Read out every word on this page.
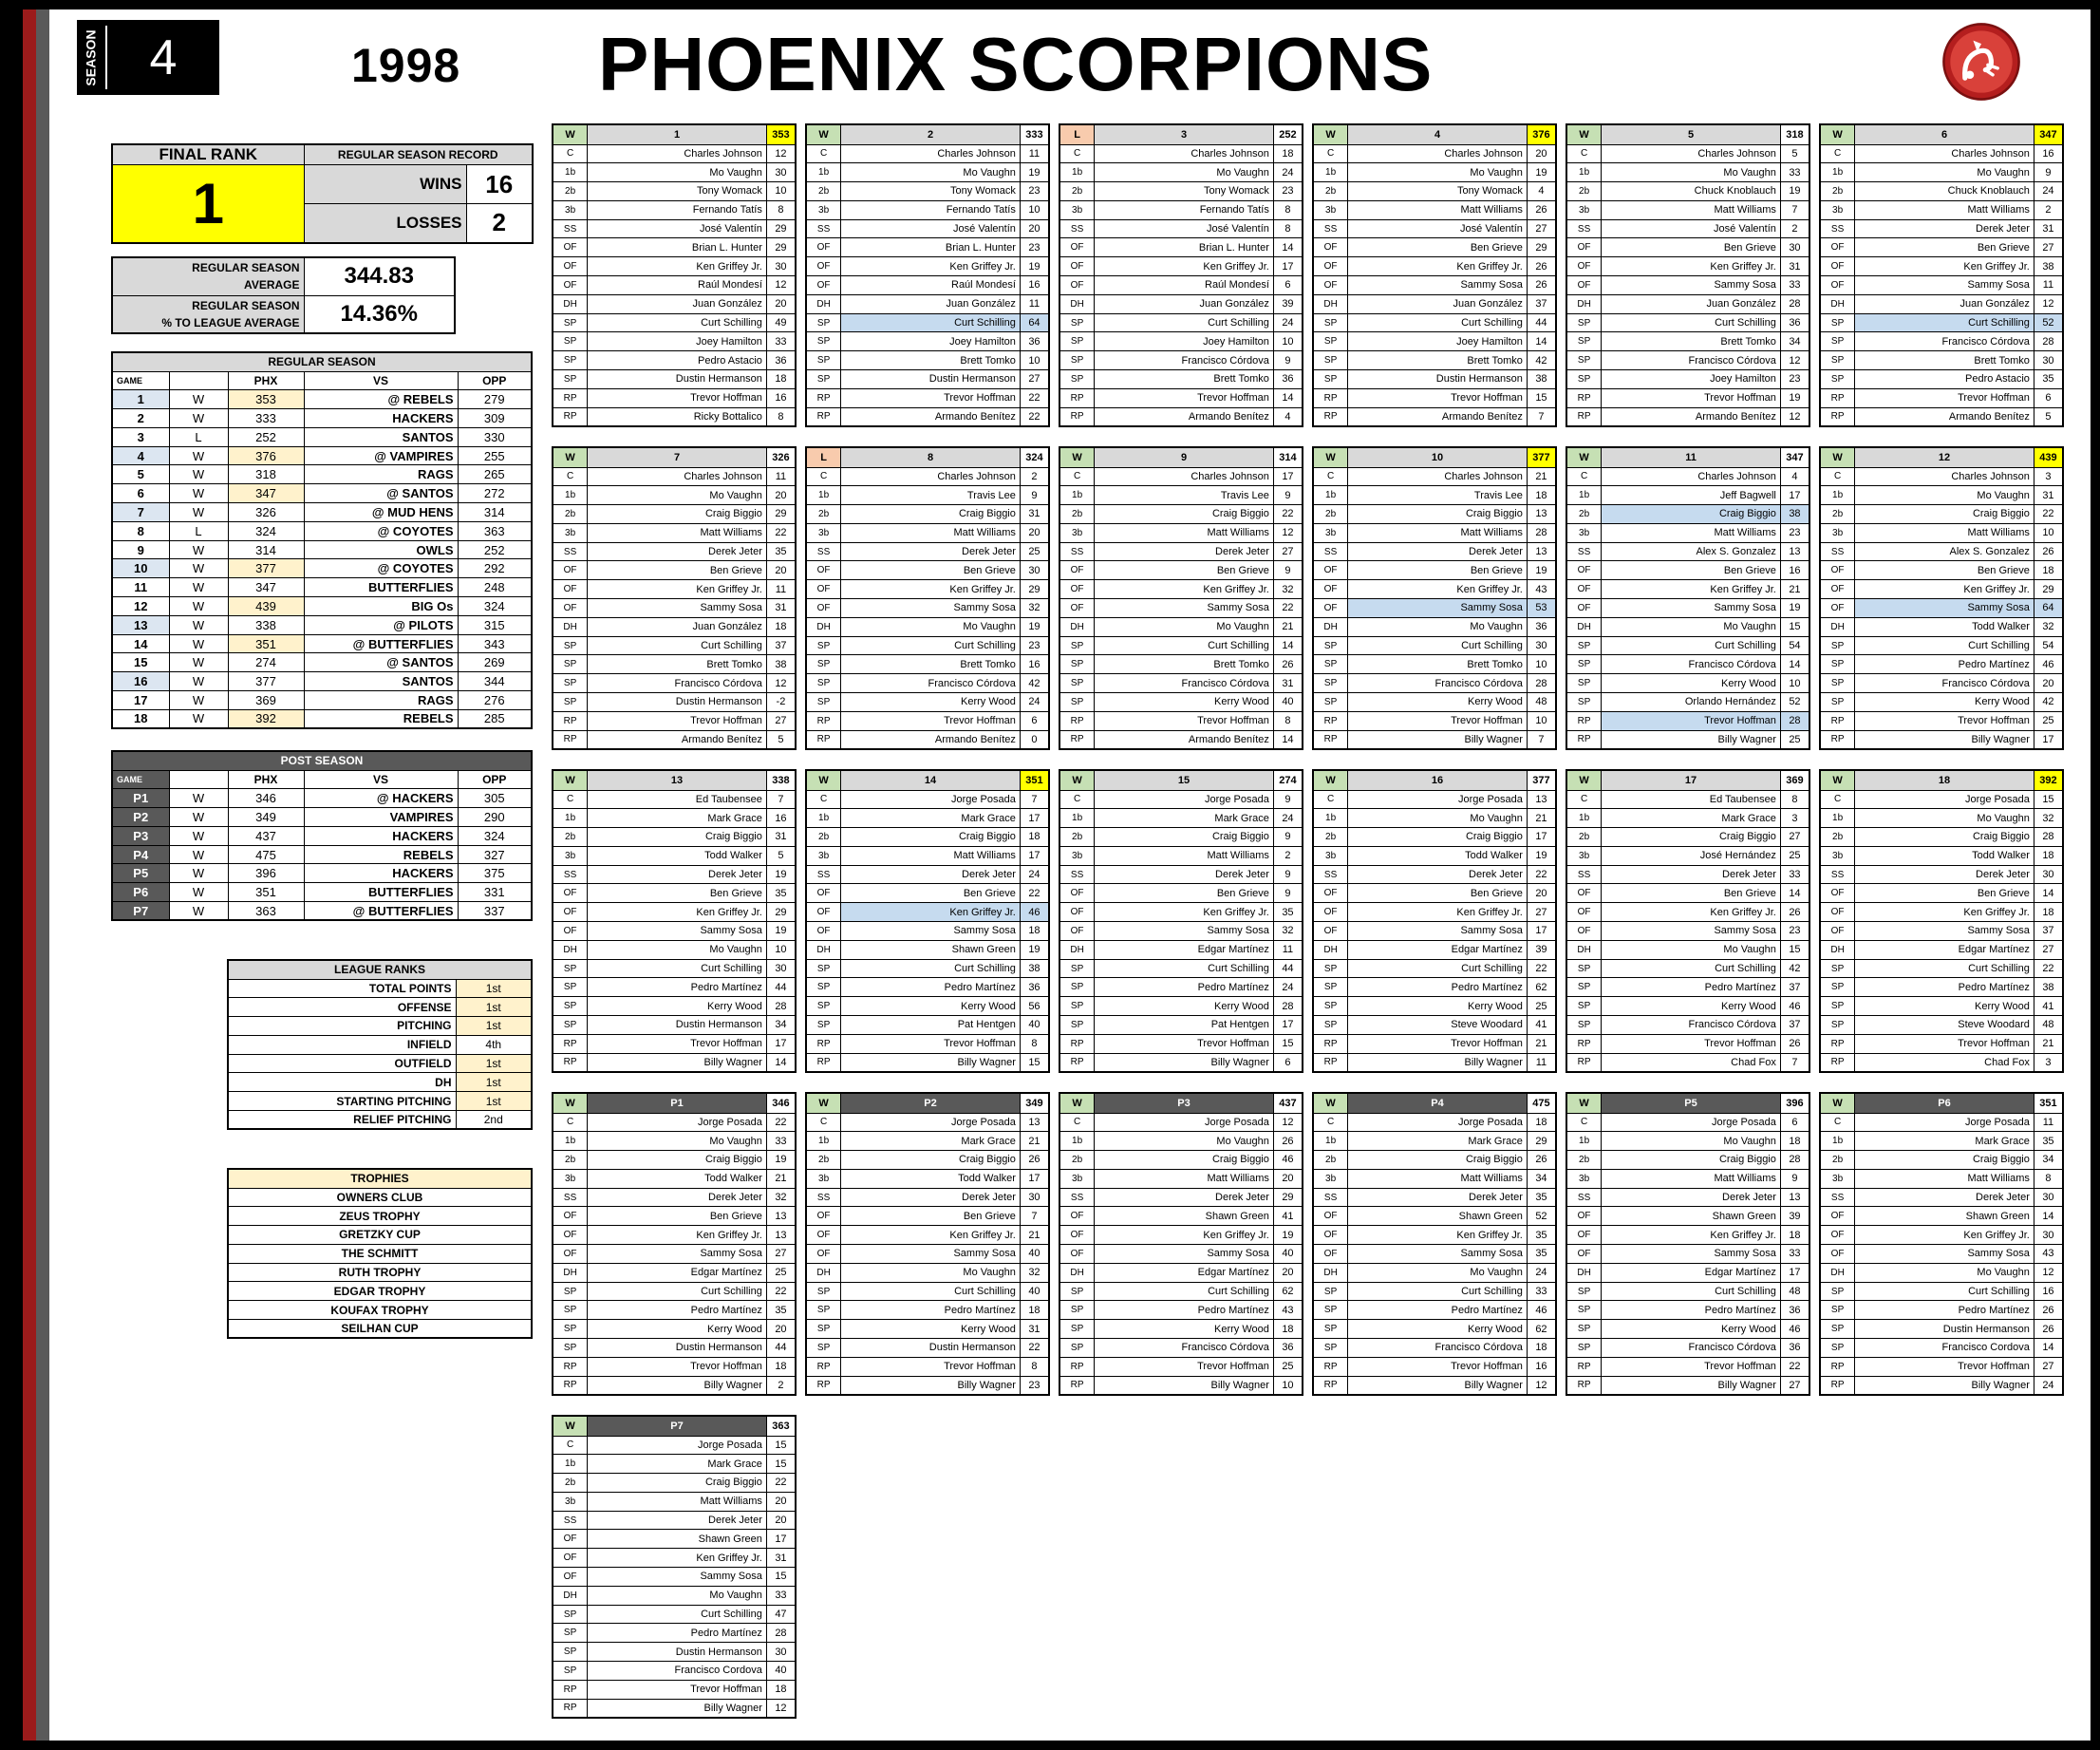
SEASON	4	1998 PHOENIX SCORPIONS
FINAL RANK	REGULAR SEASON RECORD	
1	WINS	16
	LOSSES	2
REGULAR SEASON
AVERAGE	344.83
REGULAR SEASON
% TO LEAGUE AVERAGE	14.36%
REGULAR SEASON				
GAME		PHX	VS	OPP
1	W	353	@ REBELS	279
2	W	333	HACKERS	309
3	L	252	SANTOS	330
4	W	376	@ VAMPIRES	255
5	W	318	RAGS	265
6	W	347	@ SANTOS	272
7	W	326	@ MUD HENS	314
8	L	324	@ COYOTES	363
9	W	314	OWLS	252
10	W	377	@ COYOTES	292
11	W	347	BUTTERFLIES	248
12	W	439	BIG Os	324
13	W	338	@ PILOTS	315
14	W	351	@ BUTTERFLIES	343
15	W	274	@ SANTOS	269
16	W	377	SANTOS	344
17	W	369	RAGS	276
18	W	392	REBELS	285
POST SEASON				
GAME		PHX	VS	OPP
P1	W	346	@ HACKERS	305
P2	W	349	VAMPIRES	290
P3	W	437	HACKERS	324
P4	W	475	REBELS	327
P5	W	396	HACKERS	375
P6	W	351	BUTTERFLIES	331
P7	W	363	@ BUTTERFLIES	337
LEAGUE RANKS	
TOTAL POINTS	1st
OFFENSE	1st
PITCHING	1st
INFIELD	4th
OUTFIELD	1st
DH	1st
STARTING PITCHING	1st
RELIEF PITCHING	2nd
TROPHIES
OWNERS CLUB
ZEUS TROPHY
GRETZKY CUP
THE SCHMITT
RUTH TROPHY
EDGAR TROPHY
KOUFAX TROPHY
SEILHAN CUP
W	1	353
C	Charles Johnson	12
1b	Mo Vaughn	30
2b	Tony Womack	10
3b	Fernando Tatís	8
SS	José Valentín	29
OF	Brian L. Hunter	29
OF	Ken Griffey Jr.	30
OF	Raúl Mondesí	12
DH	Juan González	20
SP	Curt Schilling	49
SP	Joey Hamilton	33
SP	Pedro Astacio	36
SP	Dustin Hermanson	18
RP	Trevor Hoffman	16
RP	Ricky Bottalico	8
W	2	333
C	Charles Johnson	11
1b	Mo Vaughn	19
2b	Tony Womack	23
3b	Fernando Tatís	10
SS	José Valentín	20
OF	Brian L. Hunter	23
OF	Ken Griffey Jr.	19
OF	Raúl Mondesí	16
DH	Juan González	11
SP	Curt Schilling	64
SP	Joey Hamilton	36
SP	Brett Tomko	10
SP	Dustin Hermanson	27
RP	Trevor Hoffman	22
RP	Armando Benítez	22
L	3	252
C	Charles Johnson	18
1b	Mo Vaughn	24
2b	Tony Womack	23
3b	Fernando Tatís	8
SS	José Valentín	8
OF	Brian L. Hunter	14
OF	Ken Griffey Jr.	17
OF	Raúl Mondesí	6
DH	Juan González	39
SP	Curt Schilling	24
SP	Joey Hamilton	10
SP	Francisco Córdova	9
SP	Brett Tomko	36
RP	Trevor Hoffman	14
RP	Armando Benítez	4
W	4	376
C	Charles Johnson	20
1b	Mo Vaughn	19
2b	Tony Womack	4
3b	Matt Williams	26
SS	José Valentín	27
OF	Ben Grieve	29
OF	Ken Griffey Jr.	26
OF	Sammy Sosa	26
DH	Juan González	37
SP	Curt Schilling	44
SP	Joey Hamilton	14
SP	Brett Tomko	42
SP	Dustin Hermanson	38
RP	Trevor Hoffman	15
RP	Armando Benítez	7
W	5	318
C	Charles Johnson	5
1b	Mo Vaughn	33
2b	Chuck Knoblauch	19
3b	Matt Williams	7
SS	José Valentín	2
OF	Ben Grieve	30
OF	Ken Griffey Jr.	31
OF	Sammy Sosa	33
DH	Juan González	28
SP	Curt Schilling	36
SP	Brett Tomko	34
SP	Francisco Córdova	12
SP	Joey Hamilton	23
RP	Trevor Hoffman	19
RP	Armando Benítez	12
W	6	347
C	Charles Johnson	16
1b	Mo Vaughn	9
2b	Chuck Knoblauch	24
3b	Matt Williams	2
SS	Derek Jeter	31
OF	Ben Grieve	27
OF	Ken Griffey Jr.	38
OF	Sammy Sosa	11
DH	Juan González	12
SP	Curt Schilling	52
SP	Francisco Córdova	28
SP	Brett Tomko	30
SP	Pedro Astacio	35
RP	Trevor Hoffman	6
RP	Armando Benítez	5
W	7	326
C	Charles Johnson	11
1b	Mo Vaughn	20
2b	Craig Biggio	29
3b	Matt Williams	22
SS	Derek Jeter	35
OF	Ben Grieve	20
OF	Ken Griffey Jr.	11
OF	Sammy Sosa	31
DH	Juan González	18
SP	Curt Schilling	37
SP	Brett Tomko	38
SP	Francisco Córdova	12
SP	Dustin Hermanson	-2
RP	Trevor Hoffman	27
RP	Armando Benítez	5
L	8	324
C	Charles Johnson	2
1b	Travis Lee	9
2b	Craig Biggio	31
3b	Matt Williams	20
SS	Derek Jeter	25
OF	Ben Grieve	30
OF	Ken Griffey Jr.	29
OF	Sammy Sosa	32
DH	Mo Vaughn	19
SP	Curt Schilling	23
SP	Brett Tomko	16
SP	Francisco Córdova	42
SP	Kerry Wood	24
RP	Trevor Hoffman	6
RP	Armando Benítez	0
W	9	314
C	Charles Johnson	17
1b	Travis Lee	9
2b	Craig Biggio	22
3b	Matt Williams	12
SS	Derek Jeter	27
OF	Ben Grieve	9
OF	Ken Griffey Jr.	32
OF	Sammy Sosa	22
DH	Mo Vaughn	21
SP	Curt Schilling	14
SP	Brett Tomko	26
SP	Francisco Córdova	31
SP	Kerry Wood	40
RP	Trevor Hoffman	8
RP	Armando Benítez	14
W	10	377
C	Charles Johnson	21
1b	Travis Lee	18
2b	Craig Biggio	13
3b	Matt Williams	28
SS	Derek Jeter	13
OF	Ben Grieve	19
OF	Ken Griffey Jr.	43
OF	Sammy Sosa	53
DH	Mo Vaughn	36
SP	Curt Schilling	30
SP	Brett Tomko	10
SP	Francisco Córdova	28
SP	Kerry Wood	48
RP	Trevor Hoffman	10
RP	Billy Wagner	7
W	11	347
C	Charles Johnson	4
1b	Jeff Bagwell	17
2b	Craig Biggio	38
3b	Matt Williams	23
SS	Alex S. Gonzalez	13
OF	Ben Grieve	16
OF	Ken Griffey Jr.	21
OF	Sammy Sosa	19
DH	Mo Vaughn	15
SP	Curt Schilling	54
SP	Francisco Córdova	14
SP	Kerry Wood	10
SP	Orlando Hernández	52
RP	Trevor Hoffman	28
RP	Billy Wagner	25
W	12	439
C	Charles Johnson	3
1b	Mo Vaughn	31
2b	Craig Biggio	22
3b	Matt Williams	10
SS	Alex S. Gonzalez	26
OF	Ben Grieve	18
OF	Ken Griffey Jr.	29
OF	Sammy Sosa	64
DH	Todd Walker	32
SP	Curt Schilling	54
SP	Pedro Martínez	46
SP	Francisco Córdova	20
SP	Kerry Wood	42
RP	Trevor Hoffman	25
RP	Billy Wagner	17
W	13	338
C	Ed Taubensee	7
1b	Mark Grace	16
2b	Craig Biggio	31
3b	Todd Walker	5
SS	Derek Jeter	19
OF	Ben Grieve	35
OF	Ken Griffey Jr.	29
OF	Sammy Sosa	19
DH	Mo Vaughn	10
SP	Curt Schilling	30
SP	Pedro Martínez	44
SP	Kerry Wood	28
SP	Dustin Hermanson	34
RP	Trevor Hoffman	17
RP	Billy Wagner	14
W	14	351
C	Jorge Posada	7
1b	Mark Grace	17
2b	Craig Biggio	18
3b	Matt Williams	17
SS	Derek Jeter	24
OF	Ben Grieve	22
OF	Ken Griffey Jr.	46
OF	Sammy Sosa	18
DH	Shawn Green	19
SP	Curt Schilling	38
SP	Pedro Martínez	36
SP	Kerry Wood	56
SP	Pat Hentgen	40
RP	Trevor Hoffman	8
RP	Billy Wagner	15
W	15	274
C	Jorge Posada	9
1b	Mark Grace	24
2b	Craig Biggio	9
3b	Matt Williams	2
SS	Derek Jeter	9
OF	Ben Grieve	9
OF	Ken Griffey Jr.	35
OF	Sammy Sosa	32
DH	Edgar Martínez	11
SP	Curt Schilling	44
SP	Pedro Martínez	24
SP	Kerry Wood	28
SP	Pat Hentgen	17
RP	Trevor Hoffman	15
RP	Billy Wagner	6
W	16	377
C	Jorge Posada	13
1b	Mo Vaughn	21
2b	Craig Biggio	17
3b	Todd Walker	19
SS	Derek Jeter	22
OF	Ben Grieve	20
OF	Ken Griffey Jr.	27
OF	Sammy Sosa	17
DH	Edgar Martínez	39
SP	Curt Schilling	22
SP	Pedro Martínez	62
SP	Kerry Wood	25
SP	Steve Woodard	41
RP	Trevor Hoffman	21
RP	Billy Wagner	11
W	17	369
C	Ed Taubensee	8
1b	Mark Grace	3
2b	Craig Biggio	27
3b	José Hernández	25
SS	Derek Jeter	33
OF	Ben Grieve	14
OF	Ken Griffey Jr.	26
OF	Sammy Sosa	23
DH	Mo Vaughn	15
SP	Curt Schilling	42
SP	Pedro Martínez	37
SP	Kerry Wood	46
SP	Francisco Córdova	37
RP	Trevor Hoffman	26
RP	Chad Fox	7
W	18	392
C	Jorge Posada	15
1b	Mo Vaughn	32
2b	Craig Biggio	28
3b	Todd Walker	18
SS	Derek Jeter	30
OF	Ben Grieve	14
OF	Ken Griffey Jr.	18
OF	Sammy Sosa	37
DH	Edgar Martínez	27
SP	Curt Schilling	22
SP	Pedro Martínez	38
SP	Kerry Wood	41
SP	Steve Woodard	48
RP	Trevor Hoffman	21
RP	Chad Fox	3
W	P1	346
C	Jorge Posada	22
1b	Mo Vaughn	33
2b	Craig Biggio	19
3b	Todd Walker	21
SS	Derek Jeter	32
OF	Ben Grieve	13
OF	Ken Griffey Jr.	13
OF	Sammy Sosa	27
DH	Edgar Martínez	25
SP	Curt Schilling	22
SP	Pedro Martínez	35
SP	Kerry Wood	20
SP	Dustin Hermanson	44
RP	Trevor Hoffman	18
RP	Billy Wagner	2
W	P2	349
C	Jorge Posada	13
1b	Mark Grace	21
2b	Craig Biggio	26
3b	Todd Walker	17
SS	Derek Jeter	30
OF	Ben Grieve	7
OF	Ken Griffey Jr.	21
OF	Sammy Sosa	40
DH	Mo Vaughn	32
SP	Curt Schilling	40
SP	Pedro Martínez	18
SP	Kerry Wood	31
SP	Dustin Hermanson	22
RP	Trevor Hoffman	8
RP	Billy Wagner	23
W	P3	437
C	Jorge Posada	12
1b	Mo Vaughn	26
2b	Craig Biggio	46
3b	Matt Williams	20
SS	Derek Jeter	29
OF	Shawn Green	41
OF	Ken Griffey Jr.	19
OF	Sammy Sosa	40
DH	Edgar Martínez	20
SP	Curt Schilling	62
SP	Pedro Martínez	43
SP	Kerry Wood	18
SP	Francisco Córdova	36
RP	Trevor Hoffman	25
RP	Billy Wagner	10
W	P4	475
C	Jorge Posada	18
1b	Mark Grace	29
2b	Craig Biggio	26
3b	Matt Williams	34
SS	Derek Jeter	35
OF	Shawn Green	52
OF	Ken Griffey Jr.	35
OF	Sammy Sosa	35
DH	Mo Vaughn	24
SP	Curt Schilling	33
SP	Pedro Martínez	46
SP	Kerry Wood	62
SP	Francisco Córdova	18
RP	Trevor Hoffman	16
RP	Billy Wagner	12
W	P5	396
C	Jorge Posada	6
1b	Mo Vaughn	18
2b	Craig Biggio	28
3b	Matt Williams	9
SS	Derek Jeter	13
OF	Shawn Green	39
OF	Ken Griffey Jr.	18
OF	Sammy Sosa	33
DH	Edgar Martínez	17
SP	Curt Schilling	48
SP	Pedro Martínez	36
SP	Kerry Wood	46
SP	Francisco Córdova	36
RP	Trevor Hoffman	22
RP	Billy Wagner	27
W	P6	351
C	Jorge Posada	11
1b	Mark Grace	35
2b	Craig Biggio	34
3b	Matt Williams	8
SS	Derek Jeter	30
OF	Shawn Green	14
OF	Ken Griffey Jr.	30
OF	Sammy Sosa	43
DH	Mo Vaughn	12
SP	Curt Schilling	16
SP	Pedro Martínez	26
SP	Dustin Hermanson	26
SP	Francisco Cordova	14
RP	Trevor Hoffman	27
RP	Billy Wagner	24
W	P7	363
C	Jorge Posada	15
1b	Mark Grace	15
2b	Craig Biggio	22
3b	Matt Williams	20
SS	Derek Jeter	20
OF	Shawn Green	17
OF	Ken Griffey Jr.	31
OF	Sammy Sosa	15
DH	Mo Vaughn	33
SP	Curt Schilling	47
SP	Pedro Martínez	28
SP	Dustin Hermanson	30
SP	Francisco Cordova	40
RP	Trevor Hoffman	18
RP	Billy Wagner	12
